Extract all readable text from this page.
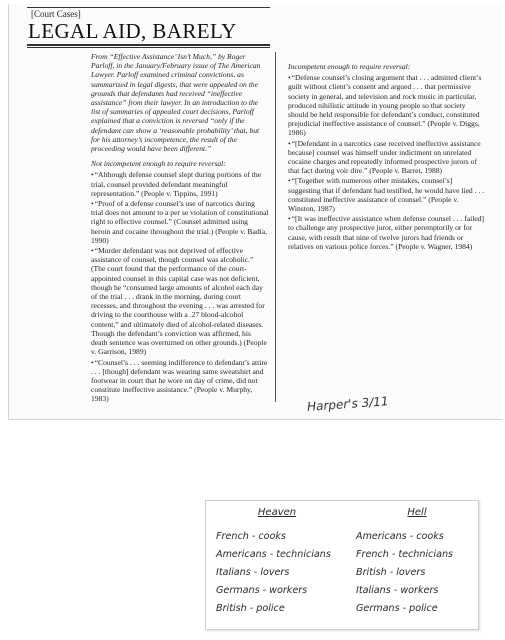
[Court Cases]
LEGAL AID, BARELY

From “Effective Assistance’ Isn’t Much,” by Roger Parloff, in the January/February issue of The American Lawyer. Parloff examined criminal convictions, as summarized in legal digests, that were appealed on the grounds that defendants had received “ineffective assistance” from their lawyer. In an introduction to the list of summaries of appealed court decisions, Parloff explained that a conviction is reversed “only if the defendant can show a ‘reasonable probability’ that, but for his attorney’s incompetence, the result of the proceeding would have been different.”

Not incompetent enough to require reversal:

• “Although defense counsel slept during portions of the trial, counsel provided defendant meaningful representation.” (People v. Tippins, 1991)

• “Proof of a defense counsel’s use of narcotics during trial does not amount to a per se violation of constitutional right to effective counsel.” (Counsel admitted using heroin and cocaine throughout the trial.) (People v. Badia, 1990)

• “Murder defendant was not deprived of effective assistance of counsel, though counsel was alcoholic.” (The court found that the performance of the court-appointed counsel in this capital case was not deficient, though he “consumed large amounts of alcohol each day of the trial . . . drank in the morning, during court recesses, and throughout the evening . . . was arrested for driving to the courthouse with a .27 blood-alcohol content,” and ultimately died of alcohol-related diseases. Though the defendant’s conviction was affirmed, his death sentence was overturned on other grounds.) (People v. Garrison, 1989)

• “Counsel’s . . . seeming indifference to defendant’s attire . . . [though] defendant was wearing same sweatshirt and footwear in court that he wore on day of crime, did not constitute ineffective assistance.” (People v. Murphy, 1983)

Incompetent enough to require reversal:

• “Defense counsel’s closing argument that . . . admitted client’s guilt without client’s consent and argued . . . that permissive society in general, and television and rock music in particular, produced nihilistic attitude in young people so that society should be held responsible for defendant’s conduct, constituted prejudicial ineffective assistance of counsel.” (People v. Diggs, 1986)

• “[Defendant in a narcotics case received ineffective assistance because] counsel was himself under indictment on unrelated cocaine charges and repeatedly informed prospective jurors of that fact during voir dire.” (People v. Barret, 1988)

• “[Together with numerous other mistakes, counsel’s] suggesting that if defendant had testified, he would have lied . . . constituted ineffective assistance of counsel.” (People v. Winston, 1987)

• “[It was ineffective assistance when defense counsel . . . failed] to challenge any prospective juror, either peremptorily or for cause, with result that nine of twelve jurors had friends or relatives on various police forces.” (People v. Wagner, 1984)

Harper's 3/11
Heaven
French - cooks
Americans - technicians
Italians - lovers
Germans - workers
British - police
Hell
Americans - cooks
French - technicians
British - lovers
Italians - workers
Germans - police
